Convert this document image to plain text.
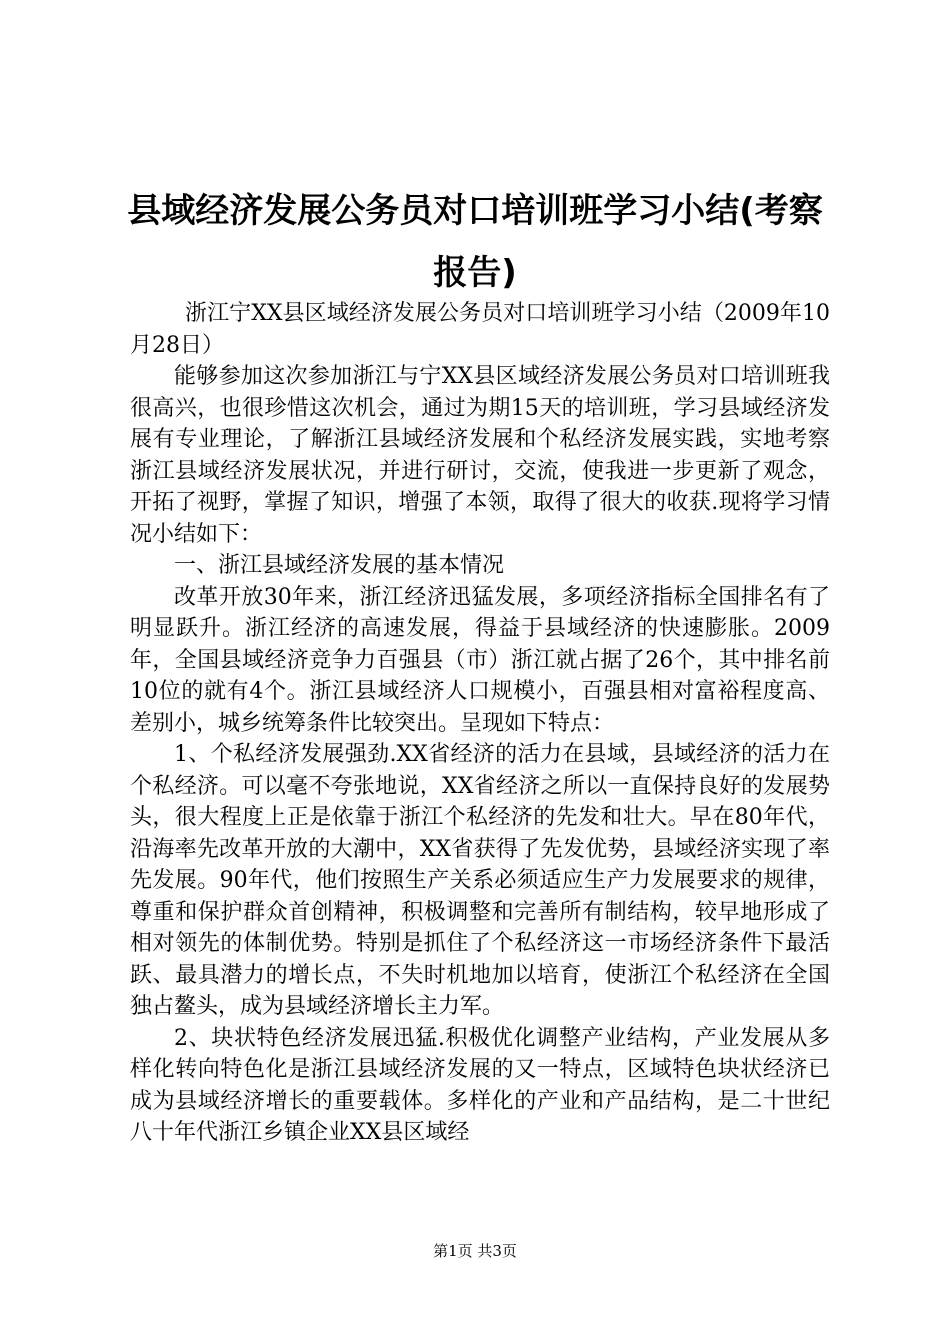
县域经济发展公务员对口培训班学习小结(考察报告)

浙江宁XX县区域经济发展公务员对口培训班学习小结（2009年10月28日）

能够参加这次参加浙江与宁XX县区域经济发展公务员对口培训班我很高兴，也很珍惜这次机会，通过为期15天的培训班，学习县域经济发展有专业理论，了解浙江县域经济发展和个私经济发展实践，实地考察浙江县域经济发展状况，并进行研讨，交流，使我进一步更新了观念，开拓了视野，掌握了知识，增强了本领，取得了很大的收获.现将学习情况小结如下：

一、浙江县域经济发展的基本情况

改革开放30年来，浙江经济迅猛发展，多项经济指标全国排名有了明显跃升。浙江经济的高速发展，得益于县域经济的快速膨胀。2009年，全国县域经济竞争力百强县（市）浙江就占据了26个，其中排名前10位的就有4个。浙江县域经济人口规模小，百强县相对富裕程度高、差别小，城乡统筹条件比较突出。呈现如下特点：

1、个私经济发展强劲.XX省经济的活力在县域，县域经济的活力在个私经济。可以毫不夸张地说，XX省经济之所以一直保持良好的发展势头，很大程度上正是依靠于浙江个私经济的先发和壮大。早在80年代，沿海率先改革开放的大潮中，XX省获得了先发优势，县域经济实现了率先发展。90年代，他们按照生产关系必须适应生产力发展要求的规律，尊重和保护群众首创精神，积极调整和完善所有制结构，较早地形成了相对领先的体制优势。特别是抓住了个私经济这一市场经济条件下最活跃、最具潜力的增长点，不失时机地加以培育，使浙江个私经济在全国独占鳌头，成为县域经济增长主力军。

2、块状特色经济发展迅猛.积极优化调整产业结构，产业发展从多样化转向特色化是浙江县域经济发展的又一特点，区域特色块状经济已成为县域经济增长的重要载体。多样化的产业和产品结构，是二十世纪八十年代浙江乡镇企业XX县区域经

第1页 共3页
